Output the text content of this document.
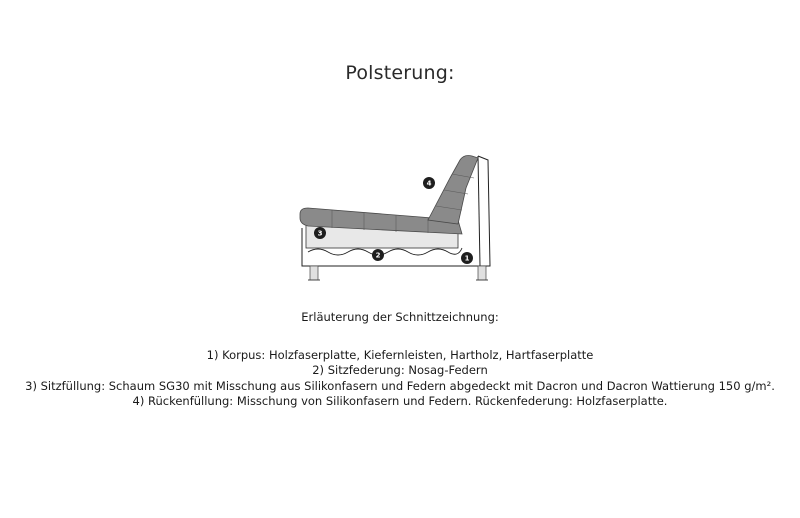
Polsterung:
1
2
3
4
Erläuterung der Schnittzeichnung:
1) Korpus: Holzfaserplatte, Kiefernleisten, Hartholz, Hartfaserplatte
2) Sitzfederung: Nosag-Federn
3) Sitzfüllung: Schaum SG30 mit Misschung aus Silikonfasern und Federn abgedeckt mit Dacron und Dacron Wattierung 150 g/m².
4) Rückenfüllung: Misschung von Silikonfasern und Federn. Rückenfederung: Holzfaserplatte.
